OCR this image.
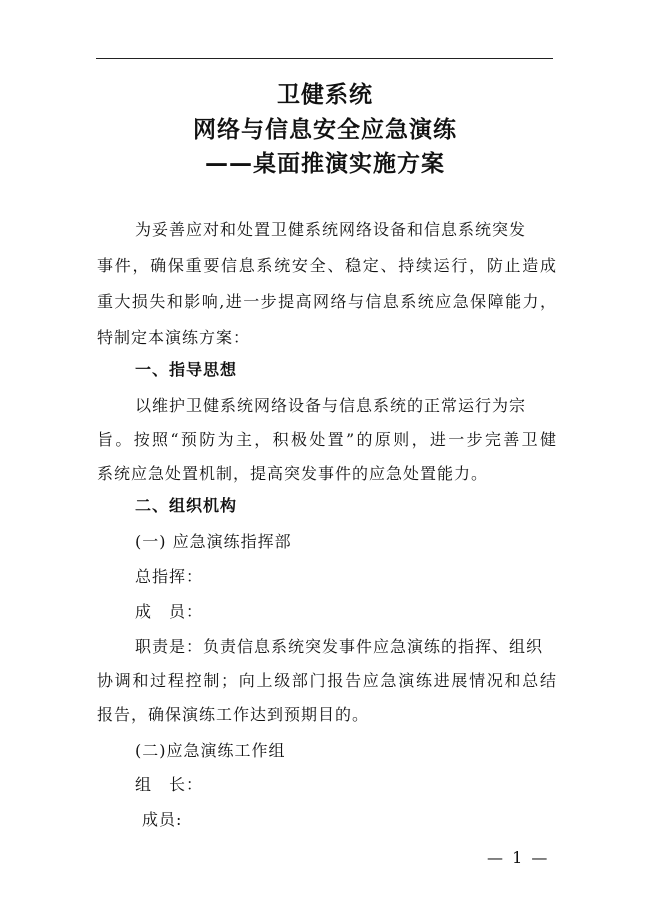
卫健系统
网络与信息安全应急演练
——桌面推演实施方案
为妥善应对和处置卫健系统网络设备和信息系统突发
事件，确保重要信息系统安全、稳定、持续运行，防止造成
重大损失和影响,进一步提高网络与信息系统应急保障能力，
特制定本演练方案：
一、指导思想
以维护卫健系统网络设备与信息系统的正常运行为宗
旨。按照“预防为主，积极处置”的原则，进一步完善卫健
系统应急处置机制，提高突发事件的应急处置能力。
二、组织机构
(一) 应急演练指挥部
总指挥：
成　员：
职责是：负责信息系统突发事件应急演练的指挥、组织
协调和过程控制；向上级部门报告应急演练进展情况和总结
报告，确保演练工作达到预期目的。
(二)应急演练工作组
组　长：
成员:
— 1 —
